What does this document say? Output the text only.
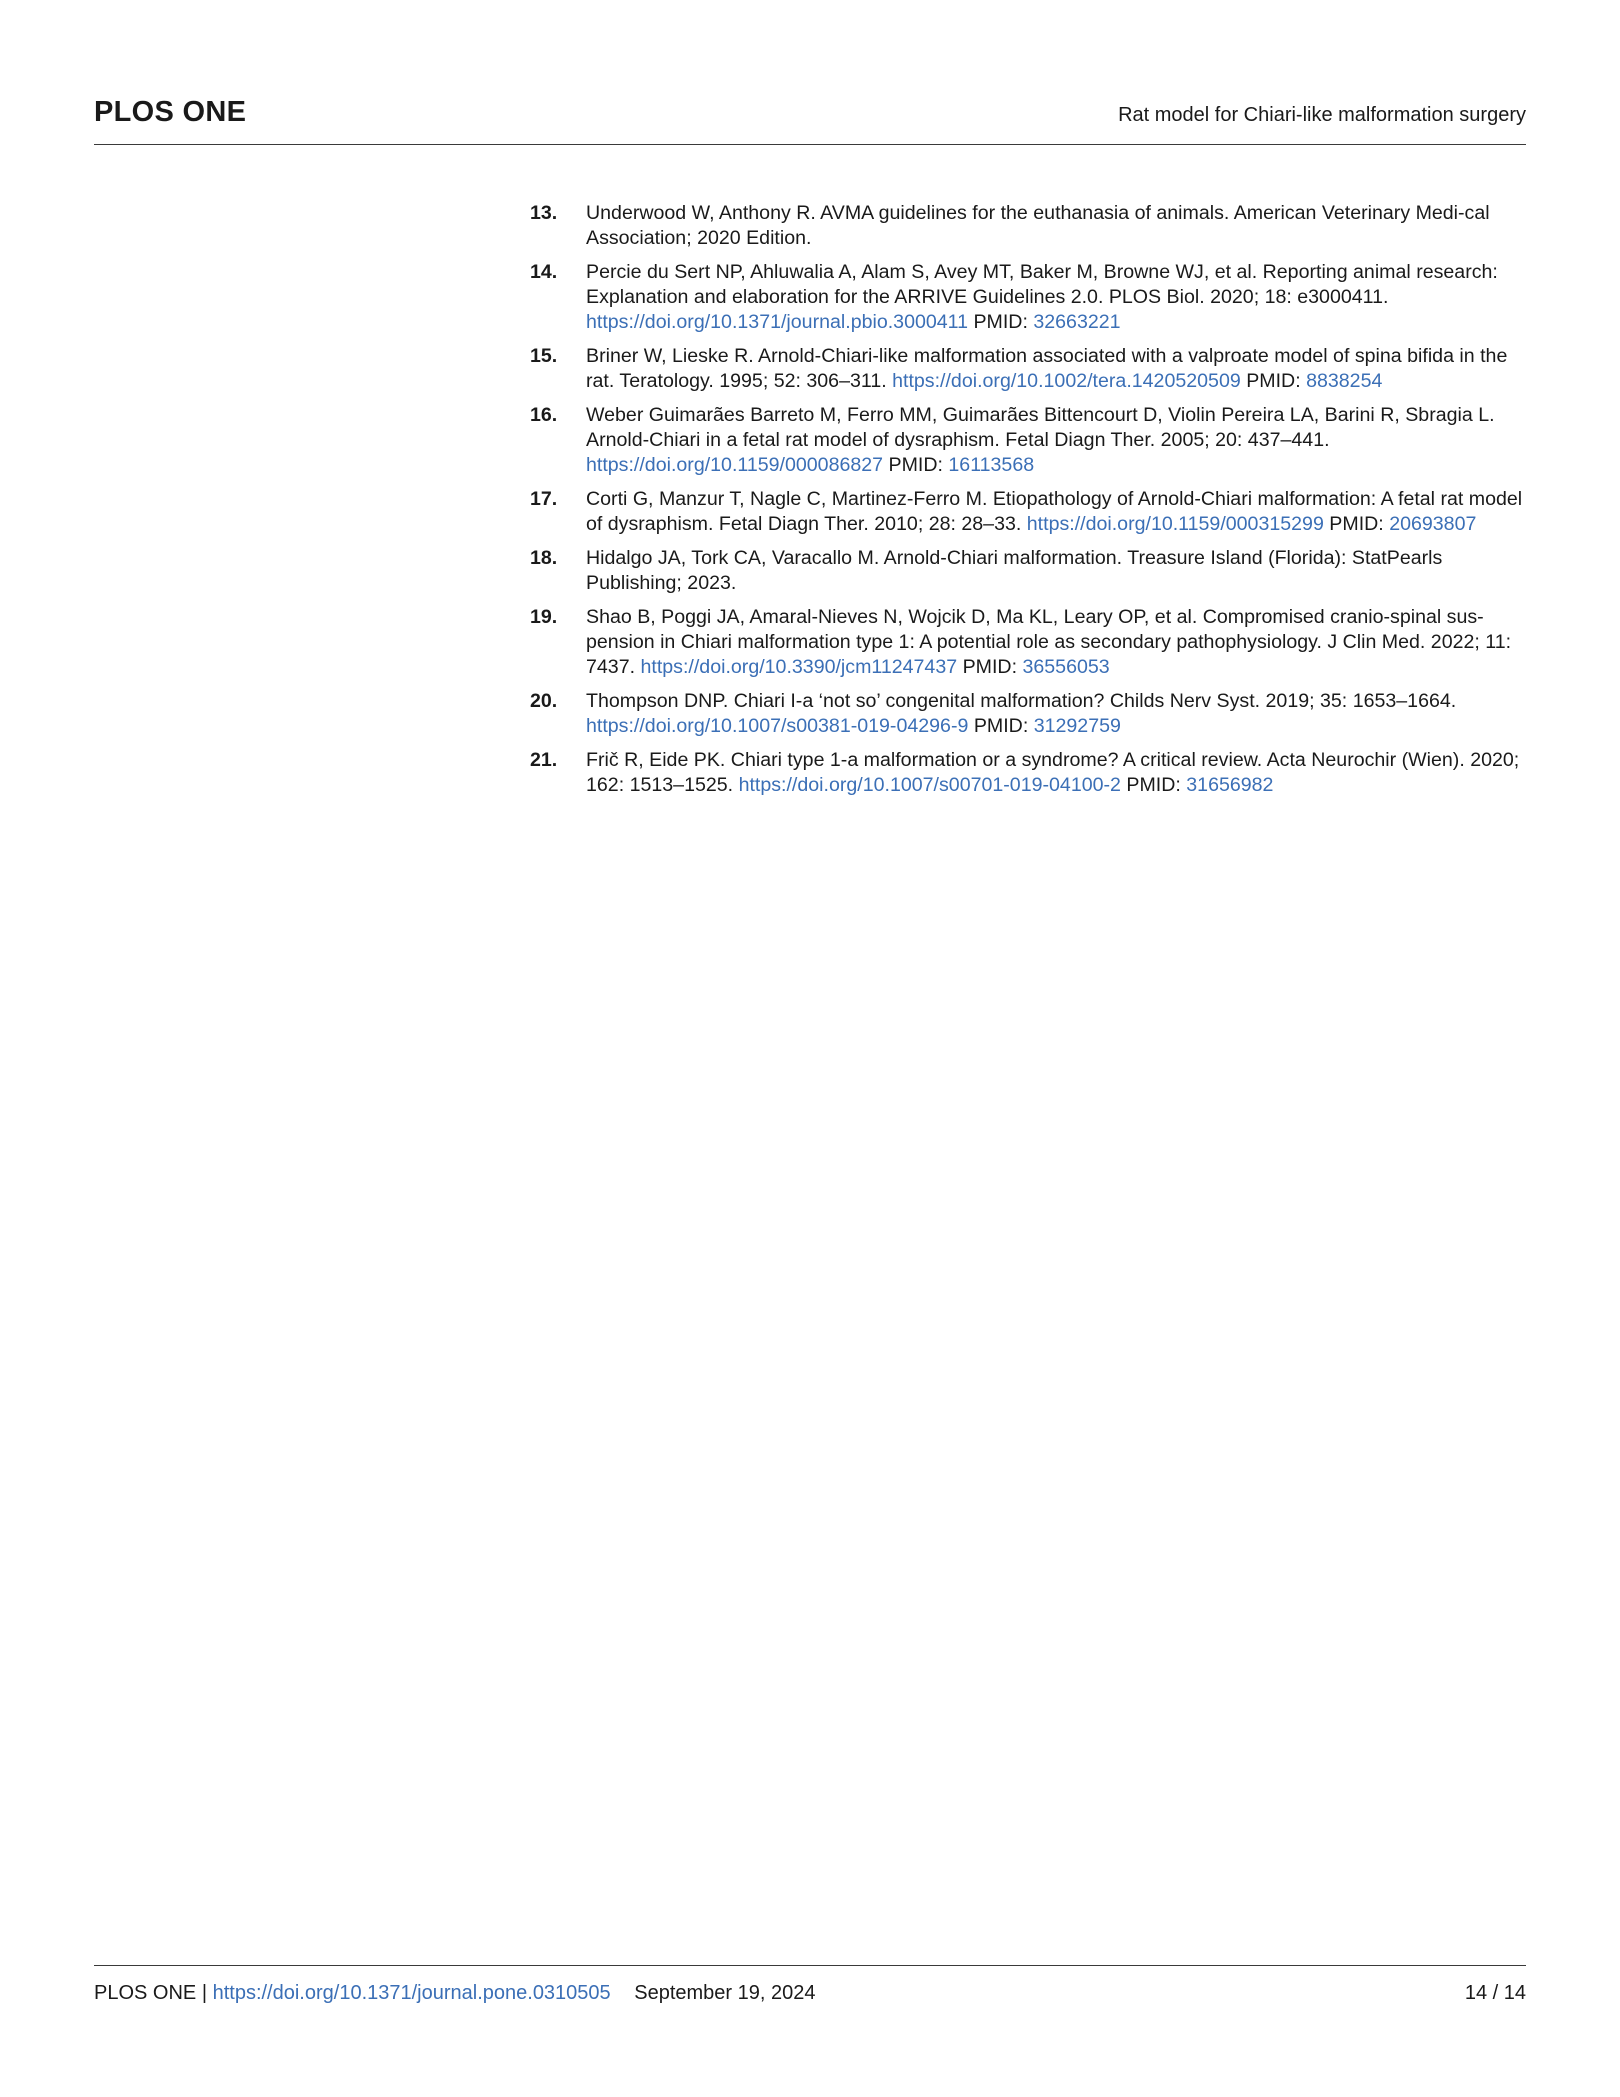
PLOS ONE	Rat model for Chiari-like malformation surgery
13.	Underwood W, Anthony R. AVMA guidelines for the euthanasia of animals. American Veterinary Medi-cal Association; 2020 Edition.
14.	Percie du Sert NP, Ahluwalia A, Alam S, Avey MT, Baker M, Browne WJ, et al. Reporting animal research: Explanation and elaboration for the ARRIVE Guidelines 2.0. PLOS Biol. 2020; 18: e3000411. https://doi.org/10.1371/journal.pbio.3000411 PMID: 32663221
15.	Briner W, Lieske R. Arnold-Chiari-like malformation associated with a valproate model of spina bifida in the rat. Teratology. 1995; 52: 306–311. https://doi.org/10.1002/tera.1420520509 PMID: 8838254
16.	Weber Guimarães Barreto M, Ferro MM, Guimarães Bittencourt D, Violin Pereira LA, Barini R, Sbragia L. Arnold-Chiari in a fetal rat model of dysraphism. Fetal Diagn Ther. 2005; 20: 437–441. https://doi.org/10.1159/000086827 PMID: 16113568
17.	Corti G, Manzur T, Nagle C, Martinez-Ferro M. Etiopathology of Arnold-Chiari malformation: A fetal rat model of dysraphism. Fetal Diagn Ther. 2010; 28: 28–33. https://doi.org/10.1159/000315299 PMID: 20693807
18.	Hidalgo JA, Tork CA, Varacallo M. Arnold-Chiari malformation. Treasure Island (Florida): StatPearls Publishing; 2023.
19.	Shao B, Poggi JA, Amaral-Nieves N, Wojcik D, Ma KL, Leary OP, et al. Compromised cranio-spinal sus-pension in Chiari malformation type 1: A potential role as secondary pathophysiology. J Clin Med. 2022; 11: 7437. https://doi.org/10.3390/jcm11247437 PMID: 36556053
20.	Thompson DNP. Chiari I-a ‘not so’ congenital malformation? Childs Nerv Syst. 2019; 35: 1653–1664. https://doi.org/10.1007/s00381-019-04296-9 PMID: 31292759
21.	Frič R, Eide PK. Chiari type 1-a malformation or a syndrome? A critical review. Acta Neurochir (Wien). 2020; 162: 1513–1525. https://doi.org/10.1007/s00701-019-04100-2 PMID: 31656982
PLOS ONE | https://doi.org/10.1371/journal.pone.0310505 September 19, 2024	14 / 14
